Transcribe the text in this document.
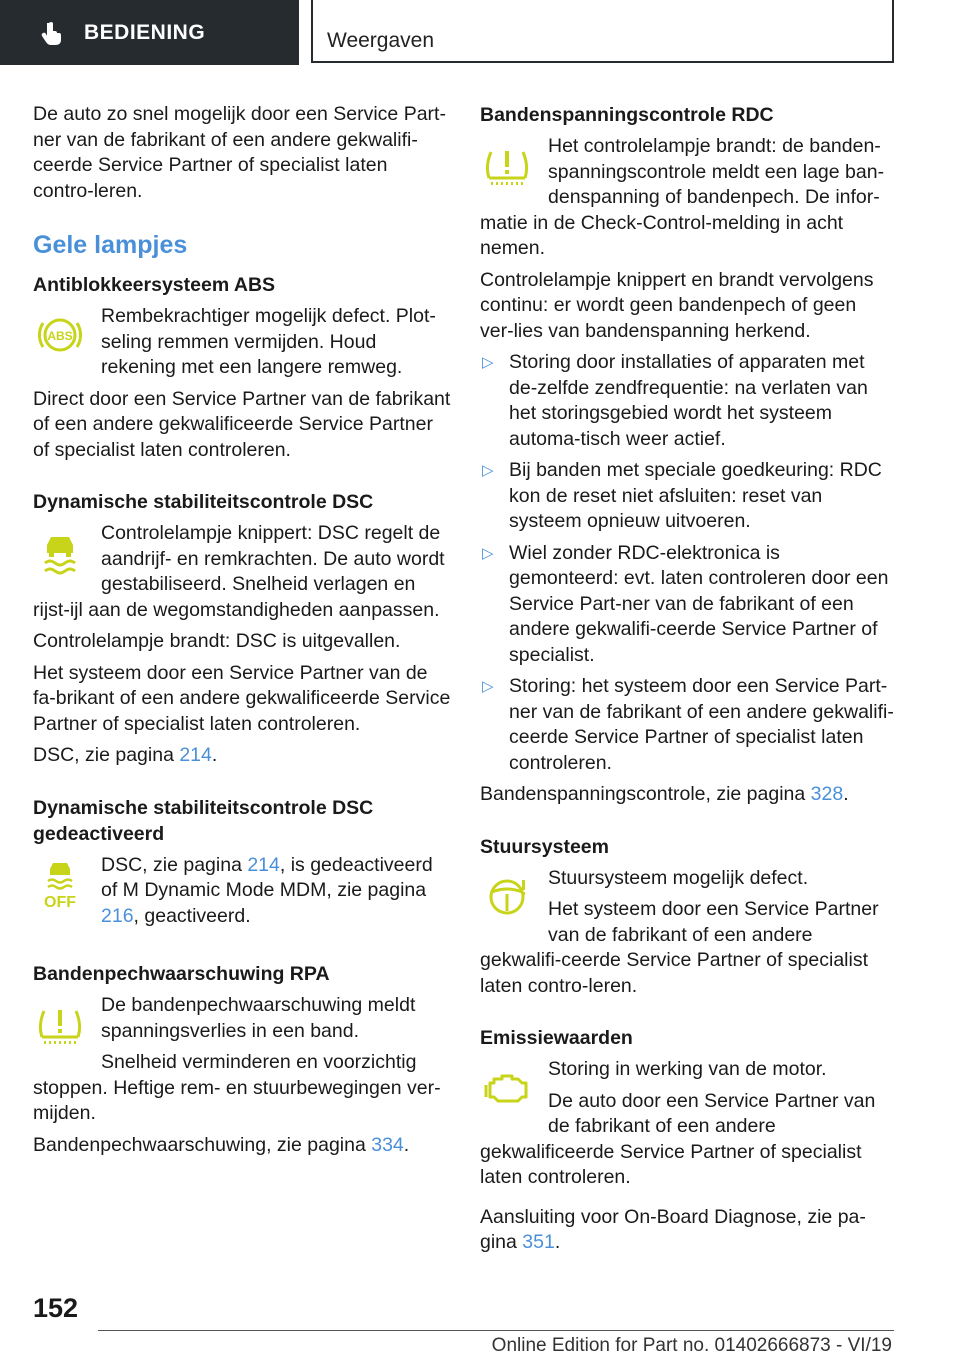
BEDIENING	Weergaven

De auto zo snel mogelijk door een Service Part-ner van de fabrikant of een andere gekwalifi-ceerde Service Partner of specialist laten contro-leren.

Gele lampjes
Antiblokkeersysteem ABS
ABS

Rembekrachtiger mogelijk defect. Plot-seling remmen vermijden. Houd rekening met een langere remweg.

Direct door een Service Partner van de fabrikant of een andere gekwalificeerde Service Partner of specialist laten controleren.

Dynamische stabiliteitscontrole DSC

Controlelampje knippert: DSC regelt de aandrijf- en remkrachten. De auto wordt gestabiliseerd. Snelheid verlagen en rijst-ijl aan de wegomstandigheden aanpassen.

Controlelampje brandt: DSC is uitgevallen.

Het systeem door een Service Partner van de fa-brikant of een andere gekwalificeerde Service Partner of specialist laten controleren.

DSC, zie pagina 214.

Dynamische stabiliteitscontrole DSC gedeactiveerd
OFF

DSC, zie pagina 214, is gedeactiveerd of M Dynamic Mode MDM, zie pagina 216, geactiveerd.

Bandenpechwaarschuwing RPA

De bandenpechwaarschuwing meldt spanningsverlies in een band.

Snelheid verminderen en voorzichtig stoppen. Heftige rem- en stuurbewegingen ver-mijden.

Bandenpechwaarschuwing, zie pagina 334.

Bandenspanningscontrole RDC

Het controlelampje brandt: de banden-spanningscontrole meldt een lage ban-denspanning of bandenpech. De infor-matie in de Check-Control-melding in acht nemen.

Controlelampje knippert en brandt vervolgens continu: er wordt geen bandenpech of geen ver-lies van bandenspanning herkend.

▷ Storing door installaties of apparaten met de-zelfde zendfrequentie: na verlaten van het storingsgebied wordt het systeem automa-tisch weer actief.
▷ Bij banden met speciale goedkeuring: RDC kon de reset niet afsluiten: reset van systeem opnieuw uitvoeren.
▷ Wiel zonder RDC-elektronica is gemonteerd: evt. laten controleren door een Service Part-ner van de fabrikant of een andere gekwalifi-ceerde Service Partner of specialist.
▷ Storing: het systeem door een Service Part-ner van de fabrikant of een andere gekwalifi-ceerde Service Partner of specialist laten controleren.

Bandenspanningscontrole, zie pagina 328.

Stuursysteem

Stuursysteem mogelijk defect.

Het systeem door een Service Partner van de fabrikant of een andere gekwalifi-ceerde Service Partner of specialist laten contro-leren.

Emissiewaarden

Storing in werking van de motor.

De auto door een Service Partner van de fabrikant of een andere gekwalificeerde Service Partner of specialist laten controleren.

Aansluiting voor On-Board Diagnose, zie pa-gina 351.

152
Online Edition for Part no. 01402666873 - VI/19
